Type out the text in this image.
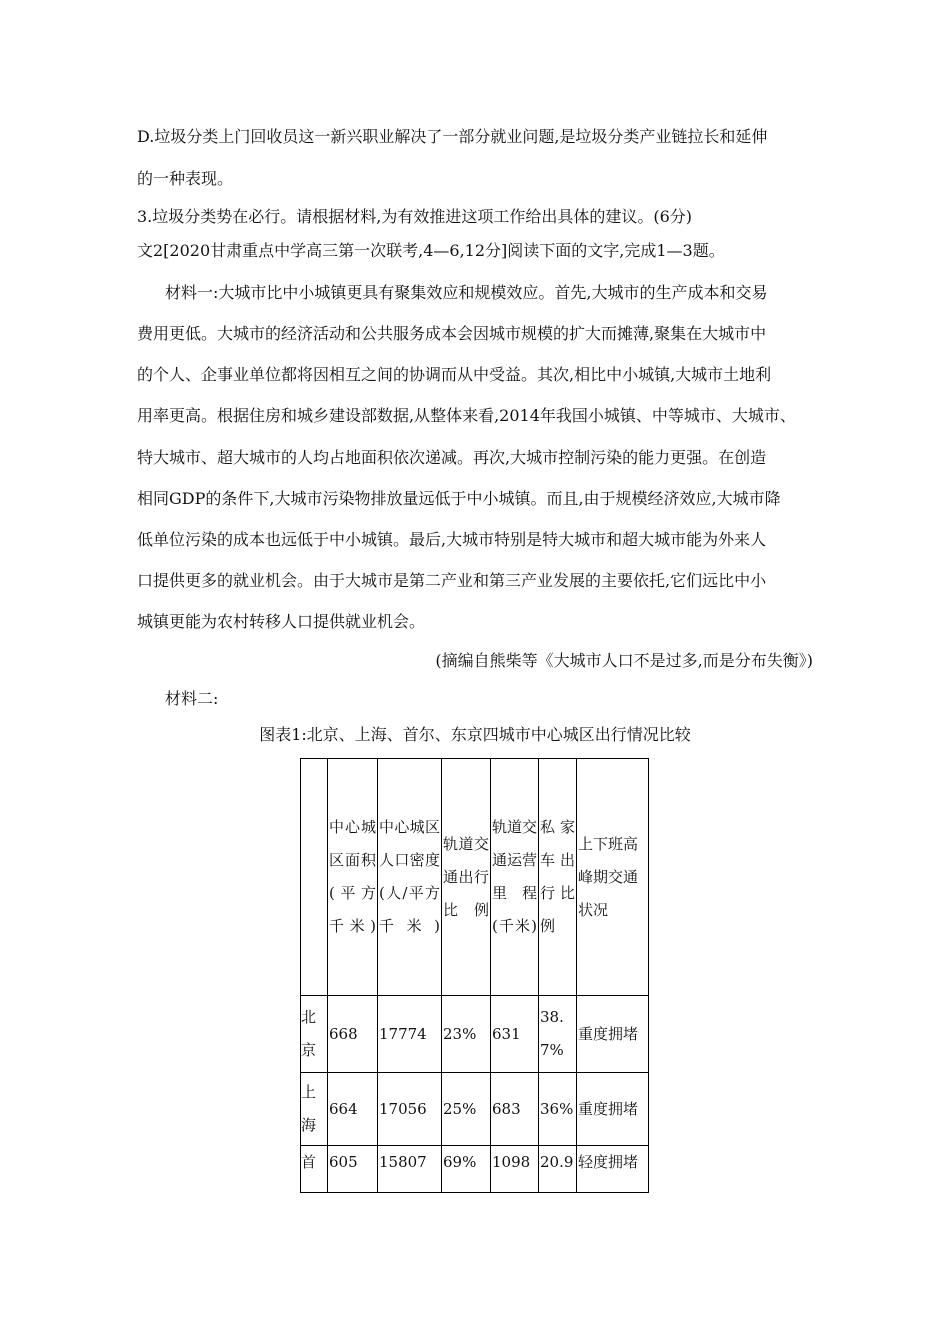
D.垃圾分类上门回收员这一新兴职业解决了一部分就业问题,是垃圾分类产业链拉长和延伸
的一种表现。
3.垃圾分类势在必行。请根据材料,为有效推进这项工作给出具体的建议。(6分)
文2[2020甘肃重点中学高三第一次联考,4—6,12分]阅读下面的文字,完成1—3题。
材料一:大城市比中小城镇更具有聚集效应和规模效应。首先,大城市的生产成本和交易
费用更低。大城市的经济活动和公共服务成本会因城市规模的扩大而摊薄,聚集在大城市中
的个人、企事业单位都将因相互之间的协调而从中受益。其次,相比中小城镇,大城市土地利
用率更高。根据住房和城乡建设部数据,从整体来看,2014年我国小城镇、中等城市、大城市、
特大城市、超大城市的人均占地面积依次递减。再次,大城市控制污染的能力更强。在创造
相同GDP的条件下,大城市污染物排放量远低于中小城镇。而且,由于规模经济效应,大城市降
低单位污染的成本也远低于中小城镇。最后,大城市特别是特大城市和超大城市能为外来人
口提供更多的就业机会。由于大城市是第二产业和第三产业发展的主要依托,它们远比中小
城镇更能为农村转移人口提供就业机会。
(摘编自熊柴等《大城市人口不是过多,而是分布失衡》)
材料二:
图表1:北京、上海、首尔、东京四城市中心城区出行情况比较
	中心城区面积(平方千米)	中心城区人口密度(人/平方千米)	轨道交通出行比例	轨道交通运营里程(千米)	私家车出行比例	上下班高峰期交通状况
北京	668	17774	23%	631	38.7%	重度拥堵
上海	664	17056	25%	683	36%	重度拥堵
首	605	15807	69%	1098	20.9	轻度拥堵
